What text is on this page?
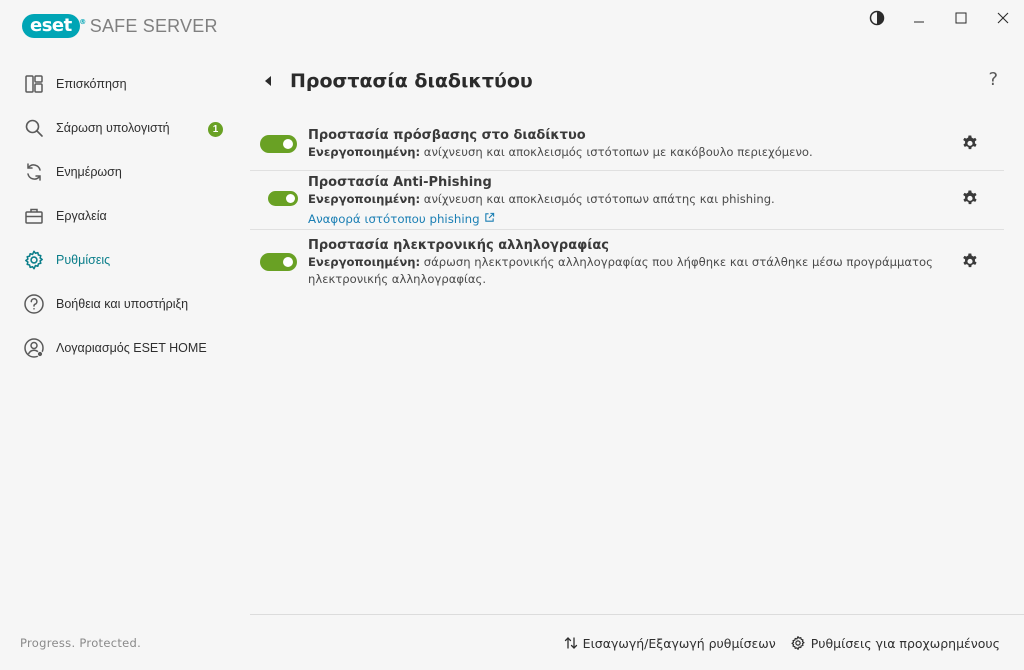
eset ® SAFE SERVER
Επισκόπηση
Σάρωση υπολογιστή	1
Ενημέρωση
Εργαλεία
Ρυθμίσεις
Βοήθεια και υποστήριξη
Λογαριασμός ESET HOME
Progress. Protected.
Προστασία διαδικτύου	?
Προστασία πρόσβασης στο διαδίκτυο
Ενεργοποιημένη: ανίχνευση και αποκλεισμός ιστότοπων με κακόβουλο περιεχόμενο.
Προστασία Anti-Phishing
Ενεργοποιημένη: ανίχνευση και αποκλεισμός ιστότοπων απάτης και phishing.
Αναφορά ιστότοπου phishing
Προστασία ηλεκτρονικής αλληλογραφίας
Ενεργοποιημένη: σάρωση ηλεκτρονικής αλληλογραφίας που λήφθηκε και στάλθηκε μέσω προγράμματος ηλεκτρονικής αλληλογραφίας.
Εισαγωγή/Εξαγωγή ρυθμίσεων	Ρυθμίσεις για προχωρημένους
